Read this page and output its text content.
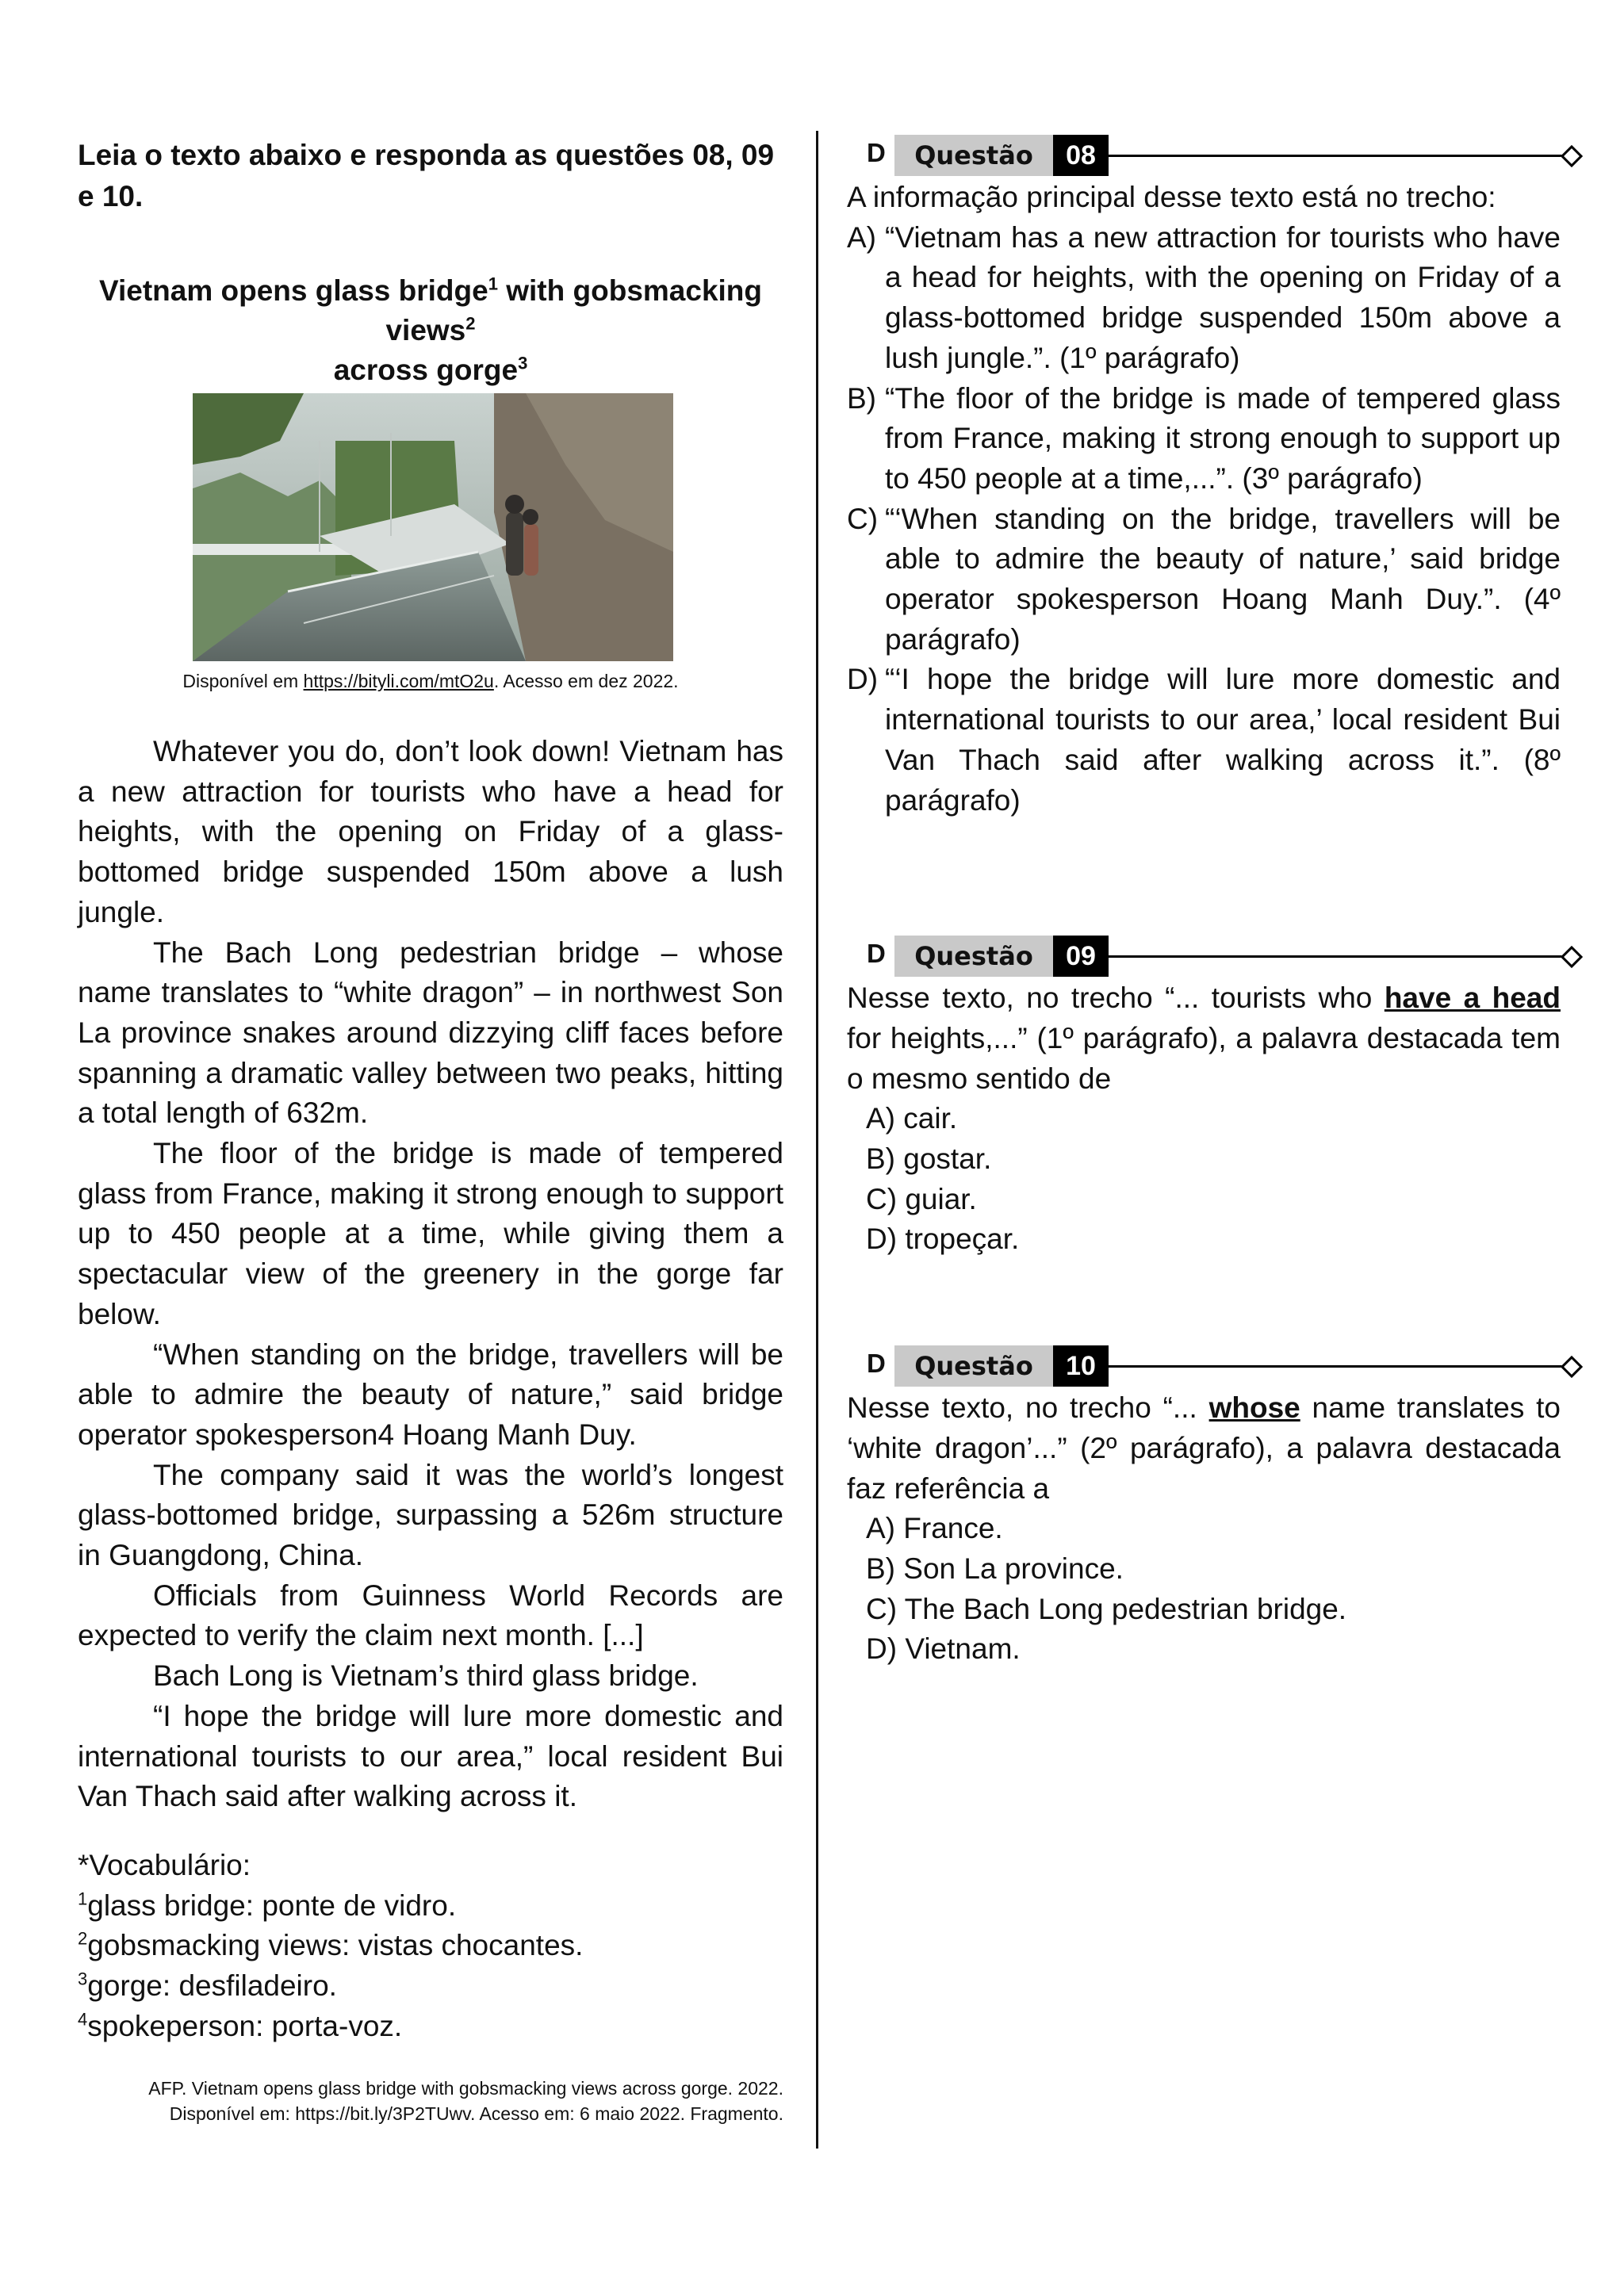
Leia o texto abaixo e responda as questões 08, 09 e 10.

Vietnam opens glass bridge$^1$ with gobsmacking views$^2$
across gorge$^3$

Disponível em https://bityli.com/mtO2u. Acesso em dez 2022.

Whatever you do, don’t look down! Vietnam has a new attraction for tourists who have a head for heights, with the opening on Friday of a glass-bottomed bridge suspended 150m above a lush jungle.

The Bach Long pedestrian bridge – whose name translates to “white dragon” – in northwest Son La province snakes around dizzying cliff faces before spanning a dramatic valley between two peaks, hitting a total length of 632m.

The floor of the bridge is made of tempered glass from France, making it strong enough to support up to 450 people at a time, while giving them a spectacular view of the greenery in the gorge far below.

“When standing on the bridge, travellers will be able to admire the beauty of nature,” said bridge operator spokesperson4 Hoang Manh Duy.

The company said it was the world’s longest glass-bottomed bridge, surpassing a 526m structure in Guangdong, China.

Officials from Guinness World Records are expected to verify the claim next month. [...]

Bach Long is Vietnam’s third glass bridge.

“I hope the bridge will lure more domestic and international tourists to our area,” local resident Bui Van Thach said after walking across it.

*Vocabulário:
$^1$glass bridge: ponte de vidro.
$^2$gobsmacking views: vistas chocantes.
$^3$gorge: desfiladeiro.
$^4$spokeperson: porta-voz.
AFP. Vietnam opens glass bridge with gobsmacking views across gorge. 2022.
Disponível em: https://bit.ly/3P2TUwv. Acesso em: 6 maio 2022. Fragmento.
D	Questão	08

A informação principal desse texto está no trecho:

A) “Vietnam has a new attraction for tourists who have a head for heights, with the opening on Friday of a glass-bottomed bridge suspended 150m above a lush jungle.”. (1º parágrafo)
B) “The floor of the bridge is made of tempered glass from France, making it strong enough to support up to 450 people at a time,...”. (3º parágrafo)
C) “‘When standing on the bridge, travellers will be able to admire the beauty of nature,’ said bridge operator spokesperson Hoang Manh Duy.”. (4º parágrafo)
D) “‘I hope the bridge will lure more domestic and international tourists to our area,’ local resident Bui Van Thach said after walking across it.”. (8º parágrafo)
D	Questão	09

Nesse texto, no trecho “... tourists who have a head for heights,...” (1º parágrafo), a palavra destacada tem o mesmo sentido de

A) cair.
B) gostar.
C) guiar.
D) tropeçar.
D	Questão	10

Nesse texto, no trecho “... whose name translates to ‘white dragon’...” (2º parágrafo), a palavra destacada faz referência a

A) France.
B) Son La province.
C) The Bach Long pedestrian bridge.
D) Vietnam.
